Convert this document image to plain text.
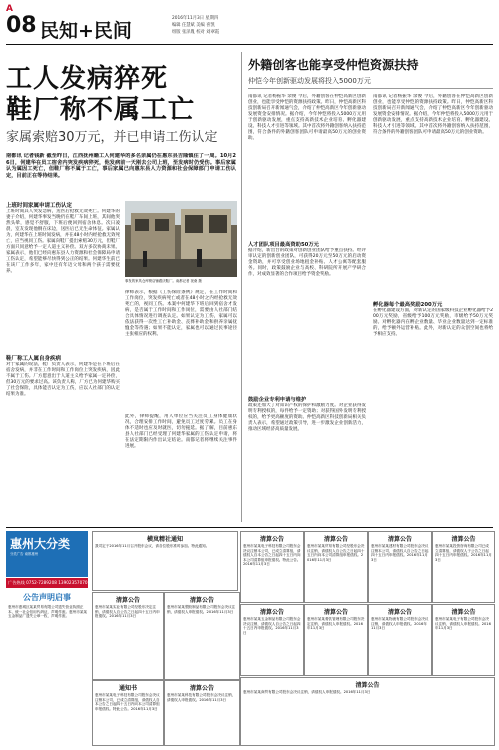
A
08 民知+民间
2016年11月3日 星期四
编辑 任慧斌 美编 喜凯
组版 张泽胤 校对 刘翠霞
工人发病猝死
鞋厂称不属工亡
家属索赔30万元，并已申请工伤认定
南都讯 记者钱新 截至昨日，江西抚州籍工人何建华的多名亲属仍在惠东县吉隆镇住了一周。10月26日，何建华在员工宿舍内突发疾病猝死，他发病前一天刚去公司上班，至发病时仍受伤。事后家属认为属因工死亡，但鞋厂称不属于工亡，事后家属已向惠东县人力资源和社会保障部门申请工伤认定，目前正在等待结果。
上班时间家属申请工伤认定
上班时间其人突发急病，送医后抢救无效死亡。何建华的妻子介绍，何建华事发当晚仍在鞋厂车间上班，其间他突然头晕，感觉不舒服，下班后便回到宿舍休息。次日凌晨，室友发现他倒在床边，送医后已无生命体征。家属认为，何建华在上班时间发病，并在48小时内经抢救无效死亡，应当视同工伤。家属向鞋厂提出索赔30万元，但鞋厂方面只同意给予一定人道主义补偿。双方多次协商未果。家属表示，他们已经向惠东县人力资源和社会保障局申请工伤认定，希望能够尽快得到公正的结果。何建华生前已在该厂工作多年，家中还有年迈父母和两个孩子需要抚养。
鞋厂称工人属自身疾病
对于家属的说法，鞋厂负责人表示，何建华是在下班后在宿舍发病，并非在工作时间和工作岗位上突发疾病，因此不属于工伤。厂方愿意出于人道主义给予家属一定补偿，但30万元的要求过高。该负责人称，厂方已为何建华购买了社会保险，具体能否认定为工伤，应以人社部门的认定结果为准。
事发的家具仓库锁店铺跟庆鞋厂。南都记者 祝桑 摄
律师表示，根据《工伤保险条例》规定，在工作时间和工作岗位，突发疾病死亡或者在48小时之内经抢救无效死亡的，视同工伤。本案中何建华下班后回到宿舍才发病，是否属于工作时间和工作岗位，需要由人社部门结合具体情况进行调查认定。如果认定为工伤，家属可以依法获得一次性工亡补助金、丧葬补助金和供养亲属抚恤金等待遇；如果不能认定，家属也可以通过民事途径主张相应的权利。
此外，律师提醒，用人单位应当关注员工身体健康状况，合理安排工作时间，避免员工过度劳累。员工在身体不适时也应及时就医，切勿拖延。据了解，目前惠东县人社部门已经受理了何建华家属的工伤认定申请，将在法定期限内作出认定结论。南都记者将继续关注事件进展。
外籍创客也能享受仲恺资源扶持
仲恺今年创新驱动发展将投入5000万元
南都讯 记者杨振华 余俊 今后，外籍创客在仲恺高新区创新创业，也能享受仲恺的资源扶持政策。昨日，仲恺高新区科技创新局召开新闻通气会，介绍了仲恺高新区今年创新驱动发展资金安排情况。据介绍，今年仲恺将投入5000万元用于创新驱动发展，重点支持高新技术企业培育、孵化器建设、科技人才引进等领域。其中首次将外籍创客纳入扶持范围，符合条件的外籍创客团队可申请最高50万元的创业资助。
人才团队项目最高资助50万元
据介绍，新出台的政策对创新创业团队给予重点扶持。经评审认定的创新创业团队，可获得20万元至50万元的启动资金资助，并可享受创业场地租金补贴、人才公寓等配套服务。同时，政策鼓励企业与高校、科研院所开展产学研合作，对成效显著的合作项目给予资金奖励。
鼓励企业专利申请与维护
政策还加大了对知识产权的保护和激励力度。对企业获得发明专利授权的，每件给予一定资助；对获得国外发明专利授权的，给予更高额度的资助。仲恺高新区科技创新局相关负责人表示，希望通过政策引导，进一步激发企业创新活力，推动区域经济高质量发展。
南都讯 记者杨振华 余俊 今后，外籍创客在仲恺高新区创新创业，也能享受仲恺的资源扶持政策。昨日，仲恺高新区科技创新局召开新闻通气会，介绍了仲恺高新区今年创新驱动发展资金安排情况。据介绍，今年仲恺将投入5000万元用于创新驱动发展，重点支持高新技术企业培育、孵化器建设、科技人才引进等领域。其中首次将外籍创客纳入扶持范围，符合条件的外籍创客团队可申请最高50万元的创业资助。
孵化器每个最高奖励200万元
在孵化器建设方面，对新认定的国家级科技企业孵化器给予200万元奖励，省级给予100万元奖励，市级给予50万元奖励。对孵化器内在孵企业数量、毕业企业数量达到一定标准的，给予额外运营补贴。此外，对新认定的众创空间也将给予相应支持。
惠州大分类
分类广告 南都惠州
广告热线 0752-7289208 13902357070
公告声明启事
惠州市惠城区某某贸易有限公司遗失营业执照正本，统一社会信用代码证，声明作废。惠州市某某五金制品厂遗失公章一枚，声明作废。
横岚精社通知
我司定于2016年11月召开股东会议，请各位股东准时参加。特此通知。
通知书
惠州市某某电子科技有限公司股东会决议注销本公司，已成立清算组，请债权人自本公告之日起四十五日内向本公司清算组申报债权。特此公告。2016年11月3日
清算公告
惠州市某某电子科技有限公司股东会决议注销本公司，已成立清算组，请债权人自本公告之日起四十五日内向本公司清算组申报债权。特此公告。2016年11月3日
清算公告
惠州市某某贸易有限公司经股东会决议注销，请债权人自公告之日起四十五日内向本公司清算组申报债权。2016年11月3日
清算公告
惠州市某某建材有限公司股东会决议注销本公司，请债权人自公告之日起四十五日内申报债权。2016年11月3日
清算公告
惠州市某某投资咨询有限公司已成立清算组，请债权人于公告之日起四十五日内申报债权。2016年11月3日
清算公告
惠州市某某实业有限公司经股东决定注销，请债权人自公告之日起四十五日内申报债权。2016年11月3日
清算公告
惠州市某某塑胶制品有限公司股东会决议注销，请债权人申报债权。2016年11月3日	清算公告
惠州市某某五金制品有限公司股东会决议注销，请债权人自公告之日起四十五日内申报债权。2016年11月3日
清算公告
惠州市某某餐饮管理有限公司股东决定注销，请债权人申报债权。2016年11月3日
清算公告
惠州市某某物流有限公司股东会决议注销，请债权人申报债权。2016年11月3日
清算公告
惠州市某某电子有限公司股东会决议注销，请债权人申报债权。2016年11月3日
清算公告
惠州市某某科技有限公司股东会决议注销，请债权人申报债权。2016年11月3日
清算公告
惠州市某某商贸有限公司股东会决议注销，请债权人申报债权。2016年11月3日
